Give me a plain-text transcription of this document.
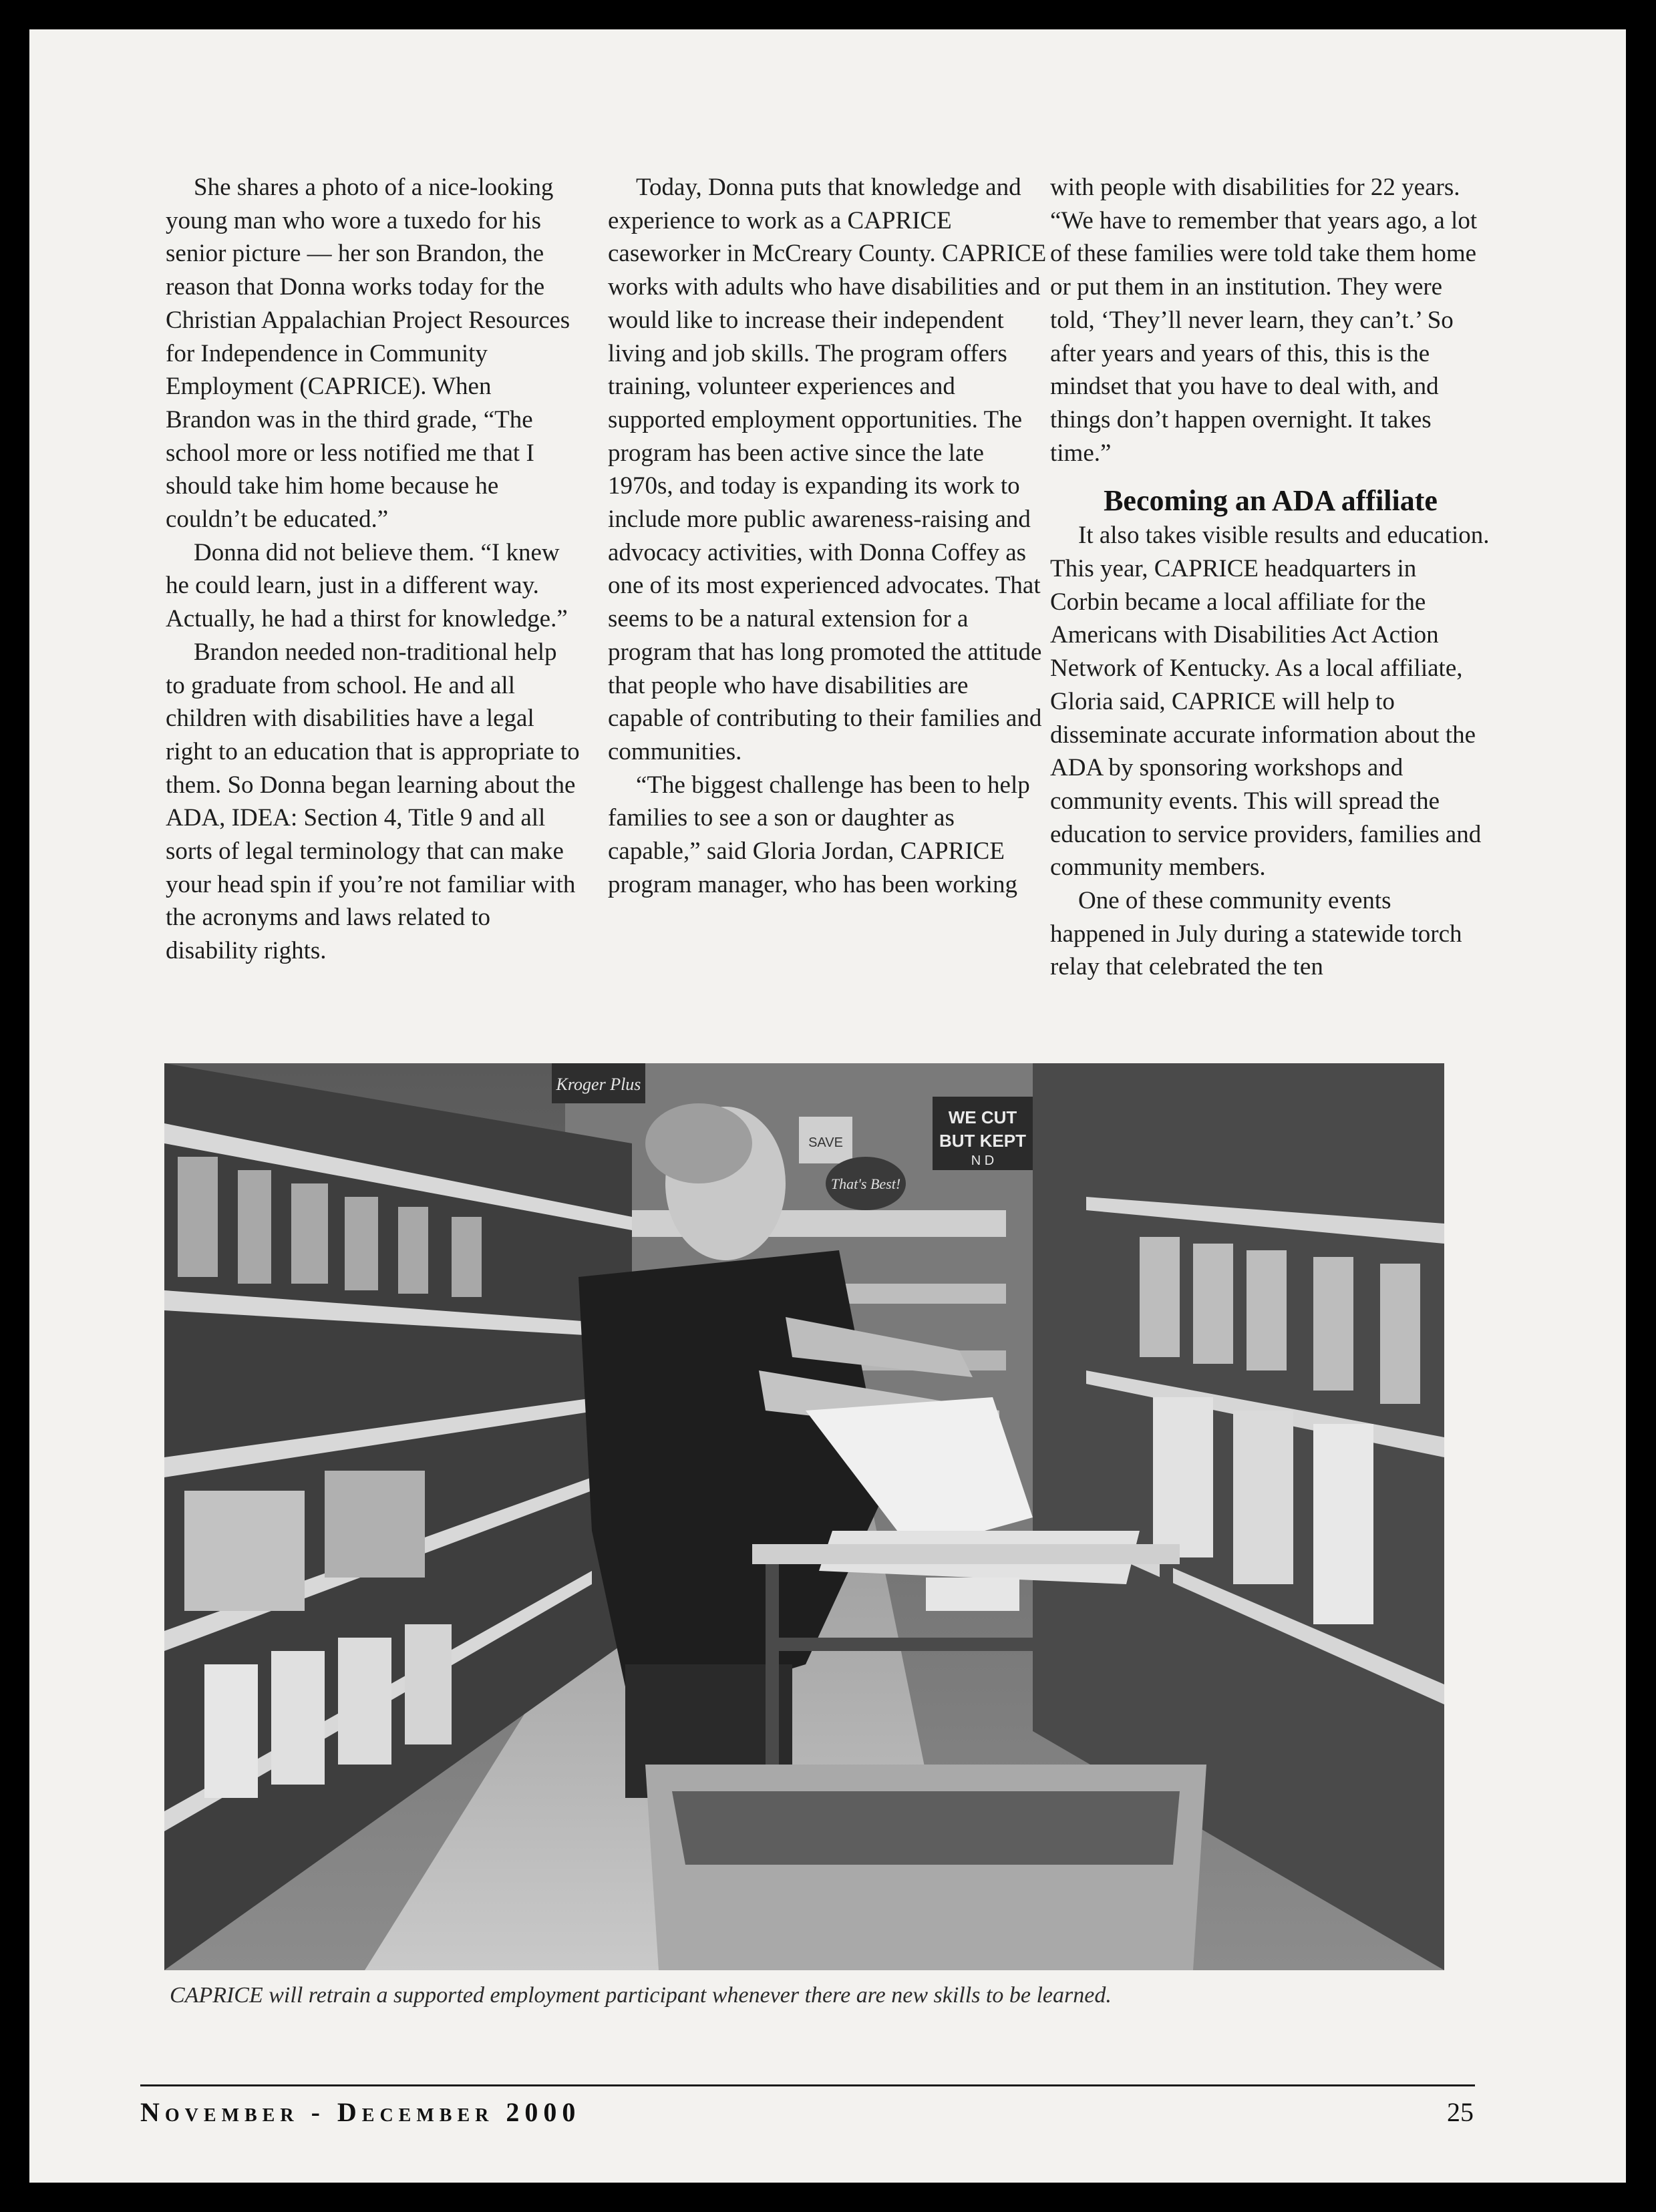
She shares a photo of a nice-looking young man who wore a tuxedo for his senior picture — her son Brandon, the reason that Donna works today for the Christian Appalachian Project Resources for Independence in Community Employment (CAPRICE). When Brandon was in the third grade, “The school more or less notified me that I should take him home because he couldn’t be educated.”

Donna did not believe them. “I knew he could learn, just in a different way. Actually, he had a thirst for knowledge.”

Brandon needed non-traditional help to graduate from school. He and all children with disabilities have a legal right to an education that is appropriate to them. So Donna began learning about the ADA, IDEA: Section 4, Title 9 and all sorts of legal terminology that can make your head spin if you’re not familiar with the acronyms and laws related to disability rights.

Today, Donna puts that knowledge and experience to work as a CAPRICE caseworker in McCreary County. CAPRICE works with adults who have disabilities and would like to increase their independent living and job skills. The program offers training, volunteer experiences and supported employment opportunities. The program has been active since the late 1970s, and today is expanding its work to include more public awareness-raising and advocacy activities, with Donna Coffey as one of its most experienced advocates. That seems to be a natural extension for a program that has long promoted the attitude that people who have disabilities are capable of contributing to their families and communities.

“The biggest challenge has been to help families to see a son or daughter as capable,” said Gloria Jordan, CAPRICE program manager, who has been working

with people with disabilities for 22 years. “We have to remember that years ago, a lot of these families were told take them home or put them in an institution. They were told, ‘They’ll never learn, they can’t.’ So after years and years of this, this is the mindset that you have to deal with, and things don’t happen overnight. It takes time.”

Becoming an ADA affiliate

It also takes visible results and education. This year, CAPRICE headquarters in Corbin became a local affiliate for the Americans with Disabilities Act Action Network of Kentucky. As a local affiliate, Gloria said, CAPRICE will help to disseminate accurate information about the ADA by sponsoring workshops and community events. This will spread the education to service providers, families and community members.

One of these community events happened in July during a statewide torch relay that celebrated the ten

Kroger Plus
WE CUT
BUT KEPT
N D
SAVE
That's Best!
CAPRICE will retrain a supported employment participant whenever there are new skills to be learned.
November - December 2000	25
